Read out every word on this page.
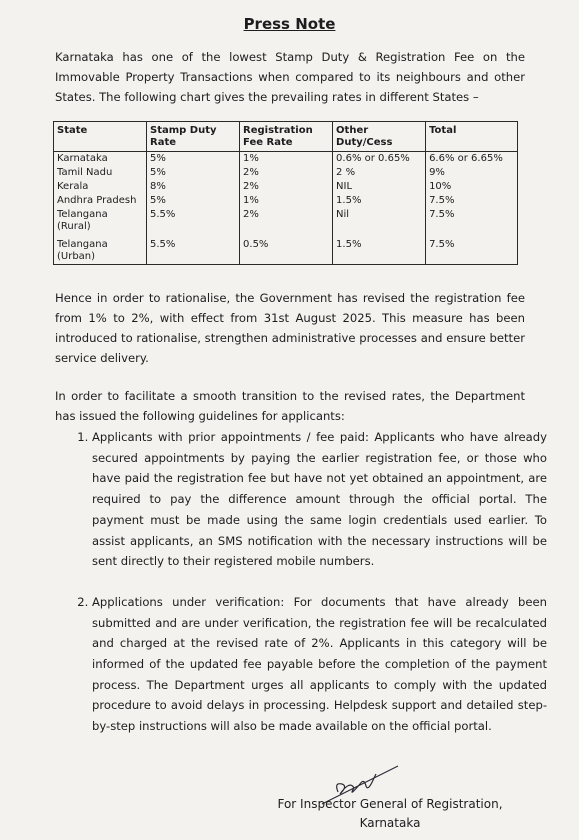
Press Note
Karnataka has one of the lowest Stamp Duty & Registration Fee on the Immovable Property Transactions when compared to its neighbours and other States. The following chart gives the prevailing rates in different States –
State	Stamp Duty Rate	Registration Fee Rate	Other Duty/Cess	Total
Karnataka	5%	1%	0.6% or 0.65%	6.6% or 6.65%
Tamil Nadu	5%	2%	2 %	9%
Kerala	8%	2%	NIL	10%
Andhra Pradesh	5%	1%	1.5%	7.5%
Telangana (Rural)	5.5%	2%	Nil	7.5%
Telangana (Urban)	5.5%	0.5%	1.5%	7.5%
Hence in order to rationalise, the Government has revised the registration fee from 1% to 2%, with effect from 31st August 2025. This measure has been introduced to rationalise, strengthen administrative processes and ensure better service delivery.
In order to facilitate a smooth transition to the revised rates, the Department has issued the following guidelines for applicants:
1. Applicants with prior appointments / fee paid: Applicants who have already secured appointments by paying the earlier registration fee, or those who have paid the registration fee but have not yet obtained an appointment, are required to pay the difference amount through the official portal. The payment must be made using the same login credentials used earlier. To assist applicants, an SMS notification with the necessary instructions will be sent directly to their registered mobile numbers.
2. Applications under verification: For documents that have already been submitted and are under verification, the registration fee will be recalculated and charged at the revised rate of 2%. Applicants in this category will be informed of the updated fee payable before the completion of the payment process. The Department urges all applicants to comply with the updated procedure to avoid delays in processing. Helpdesk support and detailed step-by-step instructions will also be made available on the official portal.
For Inspector General of Registration,
Karnataka
